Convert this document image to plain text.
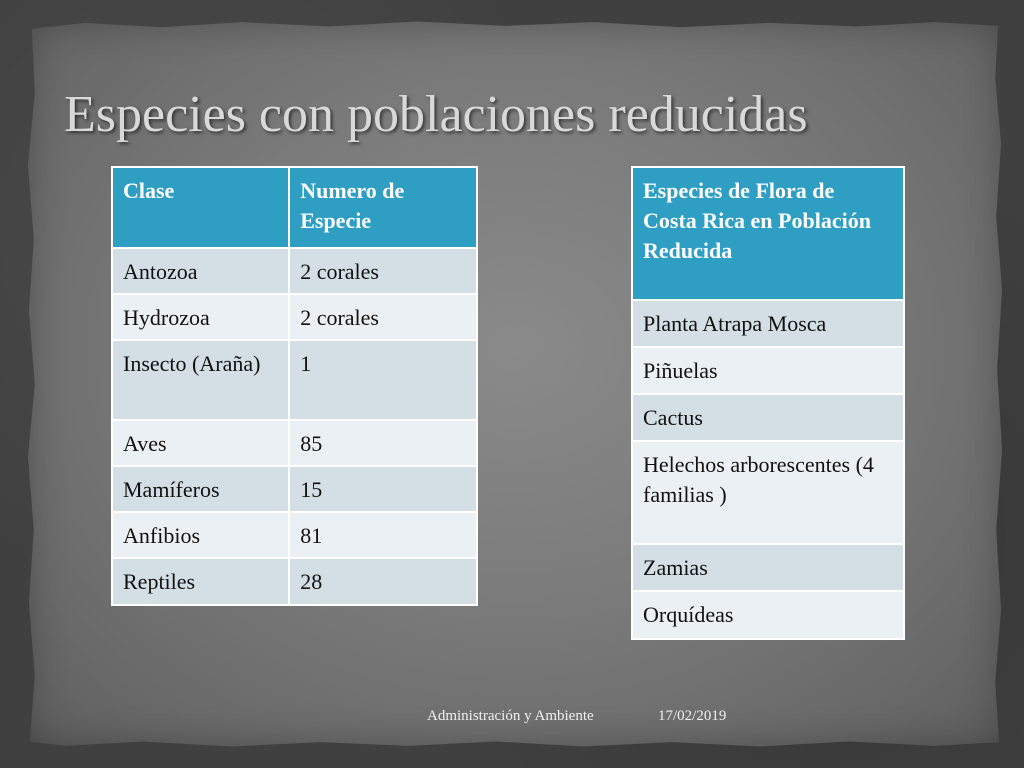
Especies con poblaciones reducidas
Clase	Numero de Especie
Antozoa	2 corales
Hydrozoa	2 corales
Insecto (Araña)	1
Aves	85
Mamíferos	15
Anfibios	81
Reptiles	28
Especies de Flora de Costa Rica en Población Reducida
Planta Atrapa Mosca
Piñuelas
Cactus
Helechos arborescentes (4 familias )
Zamias
Orquídeas
Administración y Ambiente	17/02/2019
